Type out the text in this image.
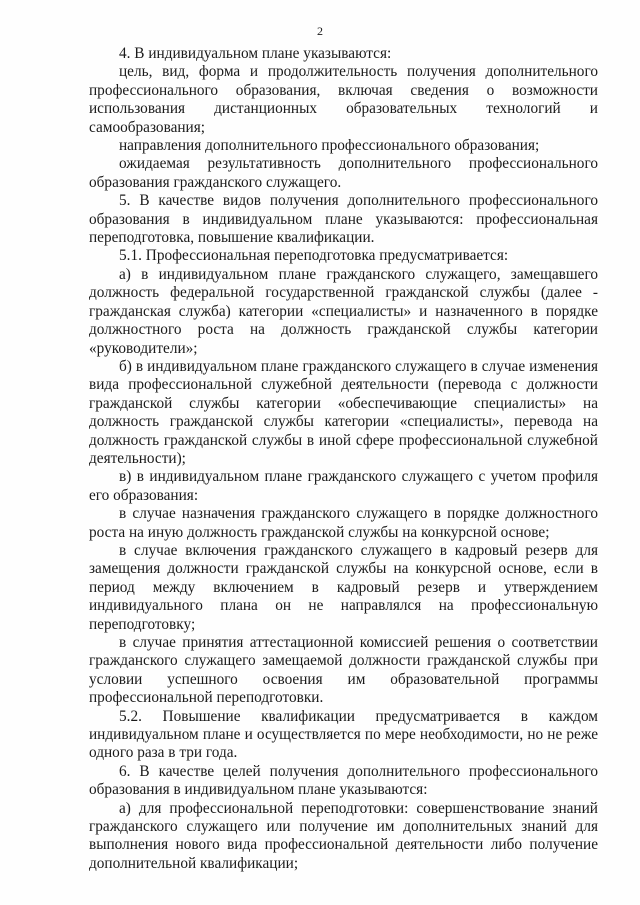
2

4. В индивидуальном плане указываются:

цель, вид, форма и продолжительность получения дополнительного профессионального образования, включая сведения о возможности использования дистанционных образовательных технологий и самообразования;

направления дополнительного профессионального образования;

ожидаемая результативность дополнительного профессионального образования гражданского служащего.

5. В качестве видов получения дополнительного профессионального образования в индивидуальном плане указываются: профессиональная переподготовка, повышение квалификации.

5.1. Профессиональная переподготовка предусматривается:

а) в индивидуальном плане гражданского служащего, замещавшего должность федеральной государственной гражданской службы (далее - гражданская служба) категории «специалисты» и назначенного в порядке должностного роста на должность гражданской службы категории «руководители»;

б) в индивидуальном плане гражданского служащего в случае изменения вида профессиональной служебной деятельности (перевода с должности гражданской службы категории «обеспечивающие специалисты» на должность гражданской службы категории «специалисты», перевода на должность гражданской службы в иной сфере профессиональной служебной деятельности);

в) в индивидуальном плане гражданского служащего с учетом профиля его образования:

в случае назначения гражданского служащего в порядке должностного роста на иную должность гражданской службы на конкурсной основе;

в случае включения гражданского служащего в кадровый резерв для замещения должности гражданской службы на конкурсной основе, если в период между включением в кадровый резерв и утверждением индивидуального плана он не направлялся на профессиональную переподготовку;

в случае принятия аттестационной комиссией решения о соответствии гражданского служащего замещаемой должности гражданской службы при условии успешного освоения им образовательной программы профессиональной переподготовки.

5.2. Повышение квалификации предусматривается в каждом индивидуальном плане и осуществляется по мере необходимости, но не реже одного раза в три года.

6. В качестве целей получения дополнительного профессионального образования в индивидуальном плане указываются:

а) для профессиональной переподготовки: совершенствование знаний гражданского служащего или получение им дополнительных знаний для выполнения нового вида профессиональной деятельности либо получение дополнительной квалификации;
